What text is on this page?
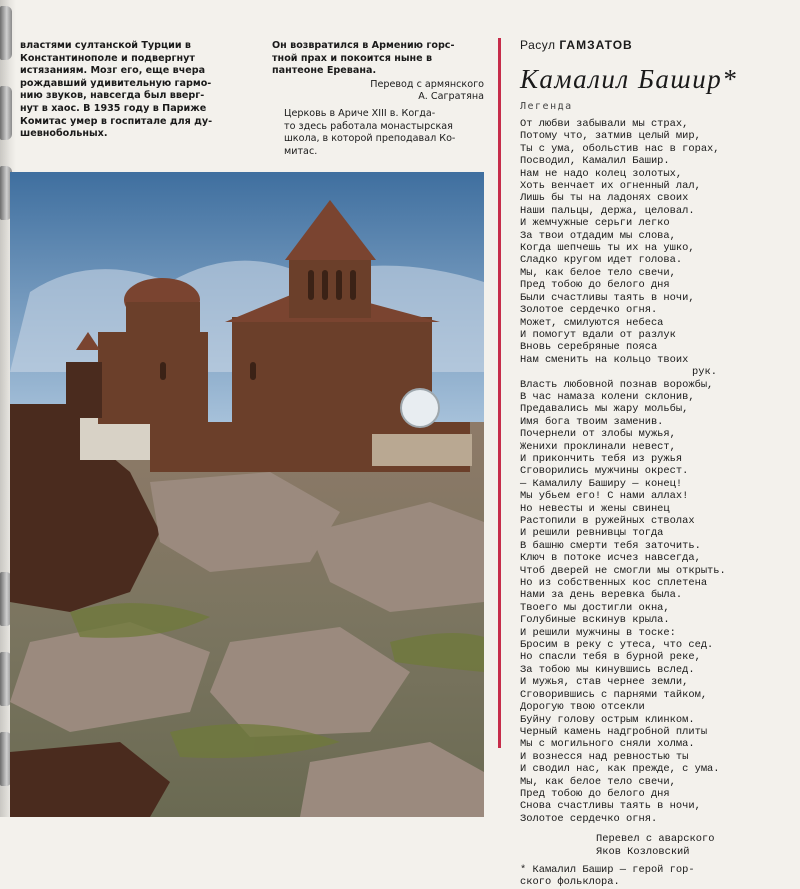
властями султанской Турции в
Константинополе и подвергнут
истязаниям. Мозг его, еще вчера
рождавший удивительную гармо-
нию звуков, навсегда был вверг-
нут в хаос. В 1935 году в Париже
Комитас умер в госпитале для ду-
шевнобольных.
Он возвратился в Армению горс-
тной прах и покоится ныне в
пантеоне Еревана.
Перевод с армянского
А. Сагратяна
Церковь в Ариче XIII в. Когда-
то здесь работала монастырская
школа, в которой преподавал Ко-
митас.
Расул ГАМЗАТОВ
Камалил Башир*
Легенда
От любви забывали мы страх,
Потому что, затмив целый мир,
Ты с ума, обольстив нас в горах,
Посводил, Камалил Башир.
Нам не надо колец золотых,
Хоть венчает их огненный лал,
Лишь бы ты на ладонях своих
Наши пальцы, держа, целовал.
И жемчужные серьги легко
За твои отдадим мы слова,
Когда шепчешь ты их на ушко,
Сладко кругом идет голова.
Мы, как белое тело свечи,
Пред тобою до белого дня
Были счастливы таять в ночи,
Золотое сердечко огня.
Может, смилуются небеса
И помогут вдали от разлук
Вновь серебряные пояса
Нам сменить на кольцо твоих
рук.
Власть любовной познав ворожбы,
В час намаза колени склонив,
Предавались мы жару мольбы,
Имя бога твоим заменив.
Почернели от злобы мужья,
Женихи проклинали невест,
И прикончить тебя из ружья
Сговорились мужчины окрест.
— Камалилу Баширу — конец!
Мы убьем его! С нами аллах!
Но невесты и жены свинец
Растопили в ружейных стволах
И решили ревнивцы тогда
В башню смерти тебя заточить.
Ключ в потоке исчез навсегда,
Чтоб дверей не смогли мы открыть.
Но из собственных кос сплетена
Нами за день веревка была.
Твоего мы достигли окна,
Голубиные вскинув крыла.
И решили мужчины в тоске:
Бросим в реку с утеса, что сед.
Но спасли тебя в бурной реке,
За тобою мы кинувшись вслед.
И мужья, став чернее земли,
Сговорившись с парнями тайком,
Дорогую твою отсекли
Буйну голову острым клинком.
Черный камень надгробной плиты
Мы с могильного сняли холма.
И вознесся над ревностью ты
И сводил нас, как прежде, с ума.
Мы, как белое тело свечи,
Пред тобою до белого дня
Снова счастливы таять в ночи,
Золотое сердечко огня.
Перевел с аварского
Яков Козловский
* Камалил Башир — герой гор-
ского фольклора.
